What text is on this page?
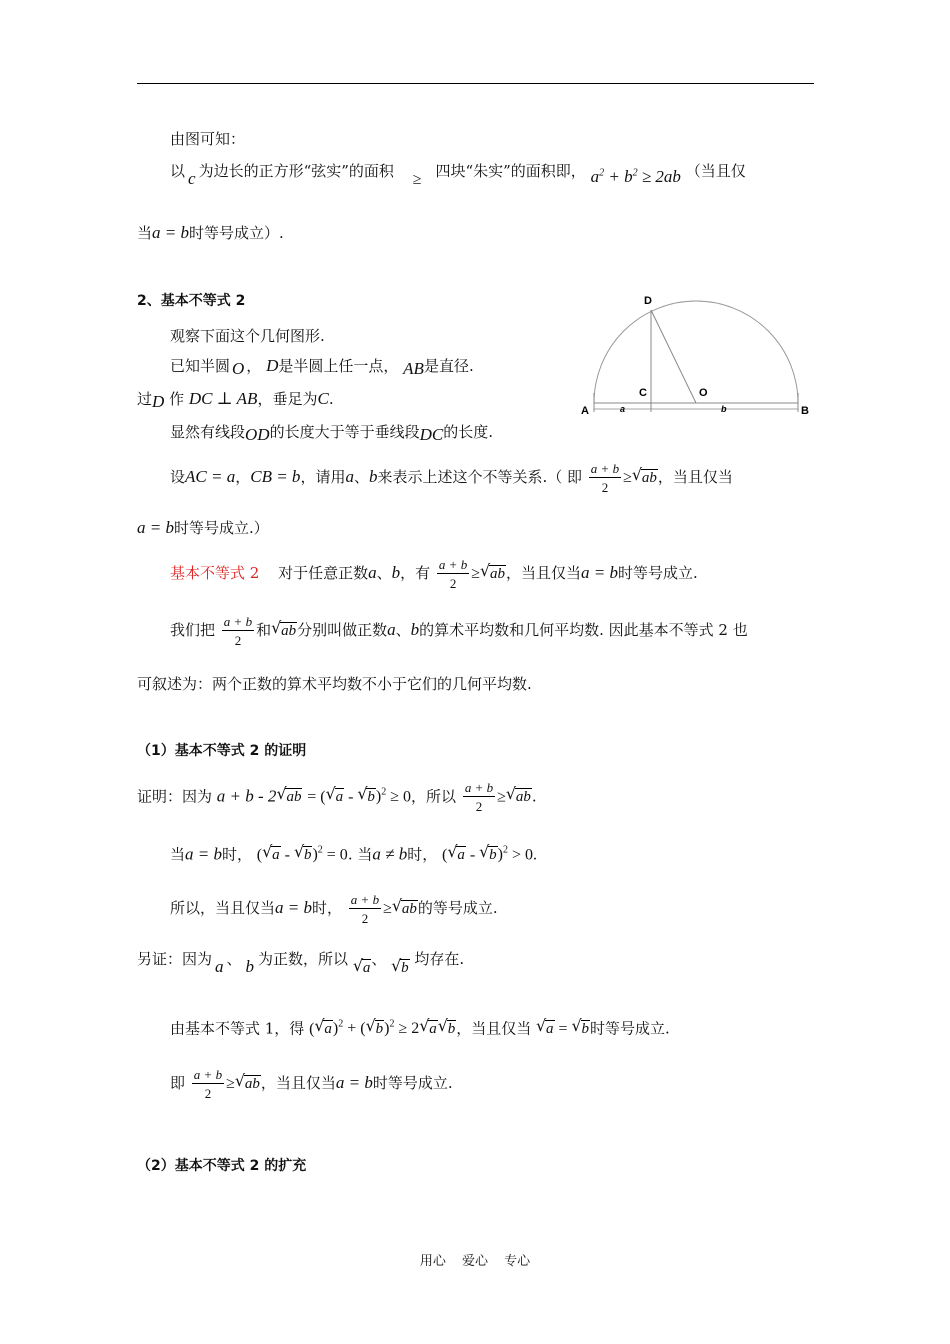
由图可知：
以 c 为边长的正方形“弦实”的面积 ≥ 四块“朱实”的面积即， $a^2 + b^2 \ge 2ab$ （当且仅
当a = b时等号成立）.
2、基本不等式 2
观察下面这个几何图形.
已知半圆 O ， D是半圆上任一点， AB是直径.
过D 作 DC ⊥ AB，垂足为C.
显然有线段OD的长度大于等于垂线段DC的长度.
D
C	O
A	B
a	b
设AC = a，CB = b，请用a、b来表示上述这个不等关系.（ 即 $\frac{a + b}{2}$ ≥ √ ab，当且仅当
a = b时等号成立.）
基本不等式 2 对于任意正数a、b，有 $\frac{a + b}{2}$ ≥ √ ab，当且仅当a = b时等号成立.
我们把 $\frac{a + b}{2}$ 和 √ ab分别叫做正数a、b的算术平均数和几何平均数. 因此基本不等式 2 也
可叙述为：两个正数的算术平均数不小于它们的几何平均数.
（1）基本不等式 2 的证明
证明：因为 a + b - 2 √ ab = ( √ a - √ b)$^2$ ≥ 0，所以 $\frac{a + b}{2}$ ≥ √ ab.
当a = b时， ( √ a - √ b)$^2$ = 0. 当a ≠ b时， ( √ a - √ b)$^2$ > 0.
所以，当且仅当a = b时， $\frac{a + b}{2}$ ≥ √ ab的等号成立.
另证：因为 a 、 b 为正数，所以 √ a、 √ b 均存在.
由基本不等式 1，得 ( √ a)$^2$ + ( √ b)$^2$ ≥ 2 √ a √ b，当且仅当 √ a = √ b时等号成立.
即 $\frac{a + b}{2}$ ≥ √ ab，当且仅当a = b时等号成立.
（2）基本不等式 2 的扩充
用心 爱心 专心
